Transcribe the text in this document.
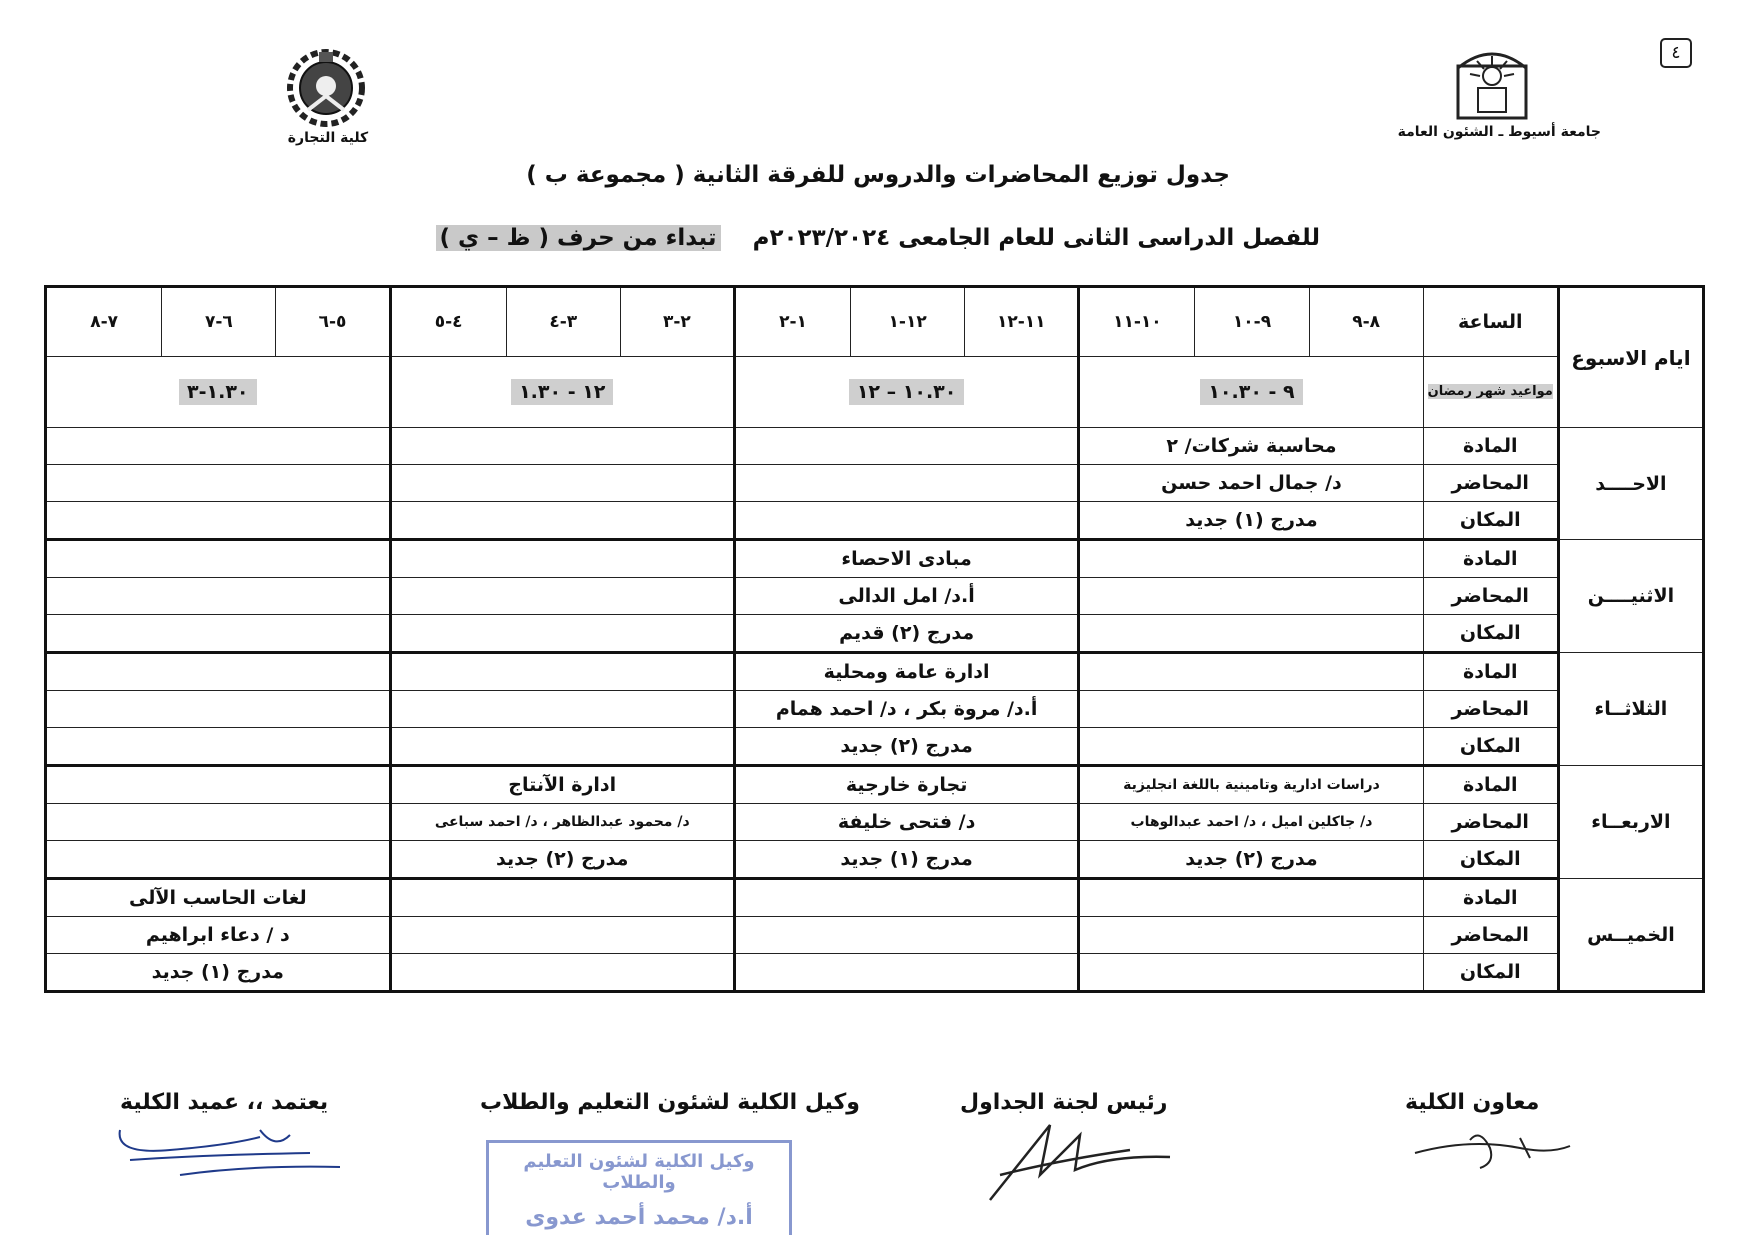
٤
جامعة أسيوط ـ الشئون العامة
كلية التجارة
جدول توزيع المحاضرات والدروس للفرقة الثانية ( مجموعة ب )
للفصل الدراسى الثانى للعام الجامعى ٢٠٢٣/٢٠٢٤م    تبداء من حرف ( ظ – ي )
ايام الاسبوع	الساعة	٨-٩	٩-١٠	١٠-١١	١١-١٢	١٢-١	١-٢	٢-٣	٣-٤	٤-٥	٥-٦	٦-٧	٧-٨
	مواعيد شهر رمضان	٩ - ١٠.٣٠			١٠.٣٠ – ١٢			١٢ - ١.٣٠			١.٣٠-٣		
الاحــــد	المادة	محاسبة شركات/ ٢											
	المحاضر	د/ جمال احمد حسن											
	المكان	مدرج (١) جديد											
الاثنيــــن	المادة				مبادى الاحصاء								
	المحاضر				أ.د/ امل الدالى								
	المكان				مدرج (٢) قديم								
الثلاثــاء	المادة				ادارة عامة ومحلية								
	المحاضر				أ.د/ مروة بكر ، د/ احمد همام								
	المكان				مدرج (٢) جديد								
الاربعــاء	المادة	دراسات ادارية وتامينية باللغة انجليزية			تجارة خارجية			ادارة الآنتاج					
	المحاضر	د/ جاكلين اميل ، د/ احمد عبدالوهاب			د/ فتحى خليفة			د/ محمود عبدالظاهر ، د/ احمد سباعى					
	المكان	مدرج (٢) جديد			مدرج (١) جديد			مدرج (٢) جديد					
الخميــس	المادة										لغات الحاسب الآلى		
	المحاضر										د / دعاء ابراهيم		
	المكان										مدرج (١) جديد		
معاون الكلية
رئيس لجنة الجداول
وكيل الكلية لشئون التعليم والطلاب
يعتمد ،، عميد الكلية
وكيل الكلية لشئون التعليم والطلاب
أ.د/ محمد أحمد عدوى
